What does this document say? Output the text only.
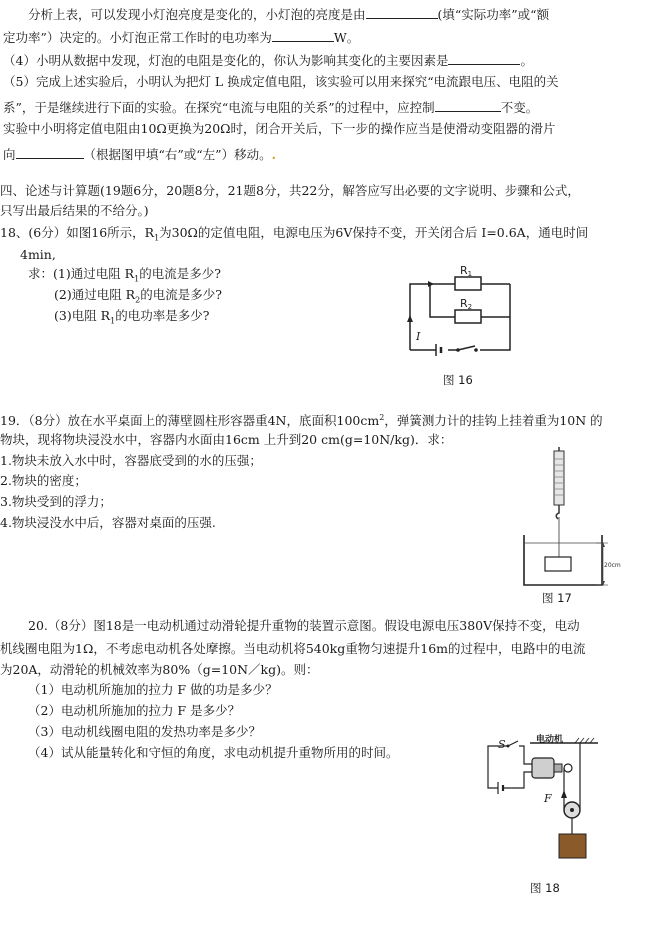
分析上表，可以发现小灯泡亮度是变化的，小灯泡的亮度是由	(填“实际功率”或“额
定功率”）决定的。小灯泡正常工作时的电功率为	W。
（4）小明从数据中发现，灯泡的电阻是变化的，你认为影响其变化的主要因素是	。
（5）完成上述实验后，小明认为把灯 L 换成定值电阻，该实验可以用来探究“电流跟电压、电阻的关
系”，于是继续进行下面的实验。在探究“电流与电阻的关系”的过程中，应控制	不变。
实验中小明将定值电阻由10Ω更换为20Ω时，闭合开关后，下一步的操作应当是使滑动变阻器的滑片
向	（根据图甲填“右”或“左”）移动。.
四、论述与计算题(19题6分，20题8分，21题8分，共22分，解答应写出必要的文字说明、步骤和公式，
只写出最后结果的不给分。)
18、(6分）如图16所示，$R_1$为30Ω的定值电阻，电源电压为6V保持不变，开关闭合后 I=0.6A，通电时间
4min,
求：(1)通过电阻 $R_1$的电流是多少?
(2)通过电阻 $R_2$的电流是多少?
(3)电阻 $R_1$的电功率是多少?
R1
R2
I
图 16
19．（8分）放在水平桌面上的薄壁圆柱形容器重4N，底面积$100cm^2$，弹簧测力计的挂钩上挂着重为10N 的
物块，现将物块浸没水中，容器内水面由16cm 上升到20 cm(g=10N/kg)．求：
1.物块未放入水中时，容器底受到的水的压强；
2.物块的密度；
3.物块受到的浮力；
4.物块浸没水中后，容器对桌面的压强.
20cm
图 17
20.（8分）图18是一电动机通过动滑轮提升重物的装置示意图。假设电源电压380V保持不变，电动
机线圈电阻为1Ω，不考虑电动机各处摩擦。当电动机将540kg重物匀速提升16m的过程中，电路中的电流
为20A，动滑轮的机械效率为80%（g=10N／kg)。则：
（1）电动机所施加的拉力 F 做的功是多少？
（2）电动机所施加的拉力 F 是多少？
（3）电动机线圈电阻的发热功率是多少？
（4）试从能量转化和守恒的角度，求电动机提升重物所用的时间。
S	电动机
F
图 18
